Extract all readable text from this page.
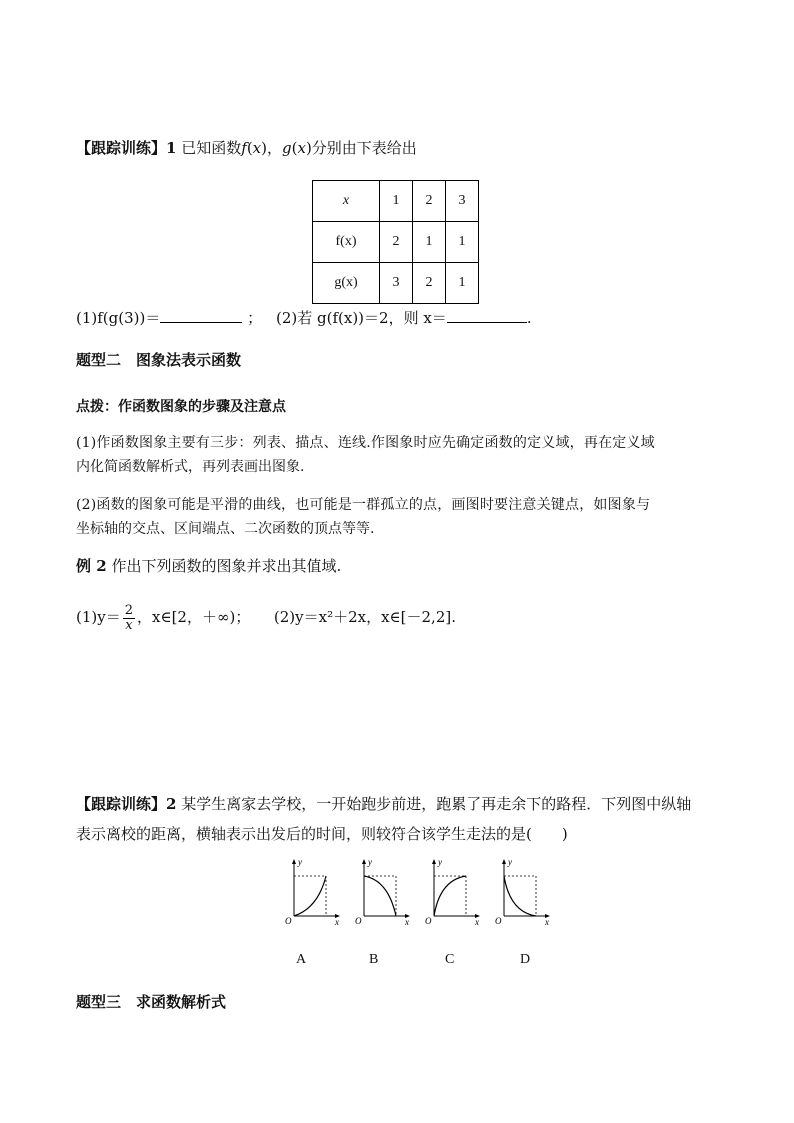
【跟踪训练】1 已知函数f(x)，g(x)分别由下表给出
x	1	2	3
f(x)	2	1	1
g(x)	3	2	1
(1)f(g(3))＝	； (2)若 g(f(x))＝2，则 x＝	.
题型二　图象法表示函数
点拨：作函数图象的步骤及注意点
(1)作函数图象主要有三步：列表、描点、连线.作图象时应先确定函数的定义域，再在定义域
内化简函数解析式，再列表画出图象.
(2)函数的图象可能是平滑的曲线，也可能是一群孤立的点，画图时要注意关键点，如图象与
坐标轴的交点、区间端点、二次函数的顶点等等.
例 2 作出下列函数的图象并求出其值域.
$(1)y= \frac{2}{x}$ ，x∈[2，＋∞)； (2)y＝x²＋2x，x∈[－2,2].
【跟踪训练】2 某学生离家去学校，一开始跑步前进，跑累了再走余下的路程．下列图中纵轴
表示离校的距离，横轴表示出发后的时间，则较符合该学生走法的是(　　)
y
x
O
y
x
O
y
x
O
y
x
O
A	B	C	D
题型三　求函数解析式
